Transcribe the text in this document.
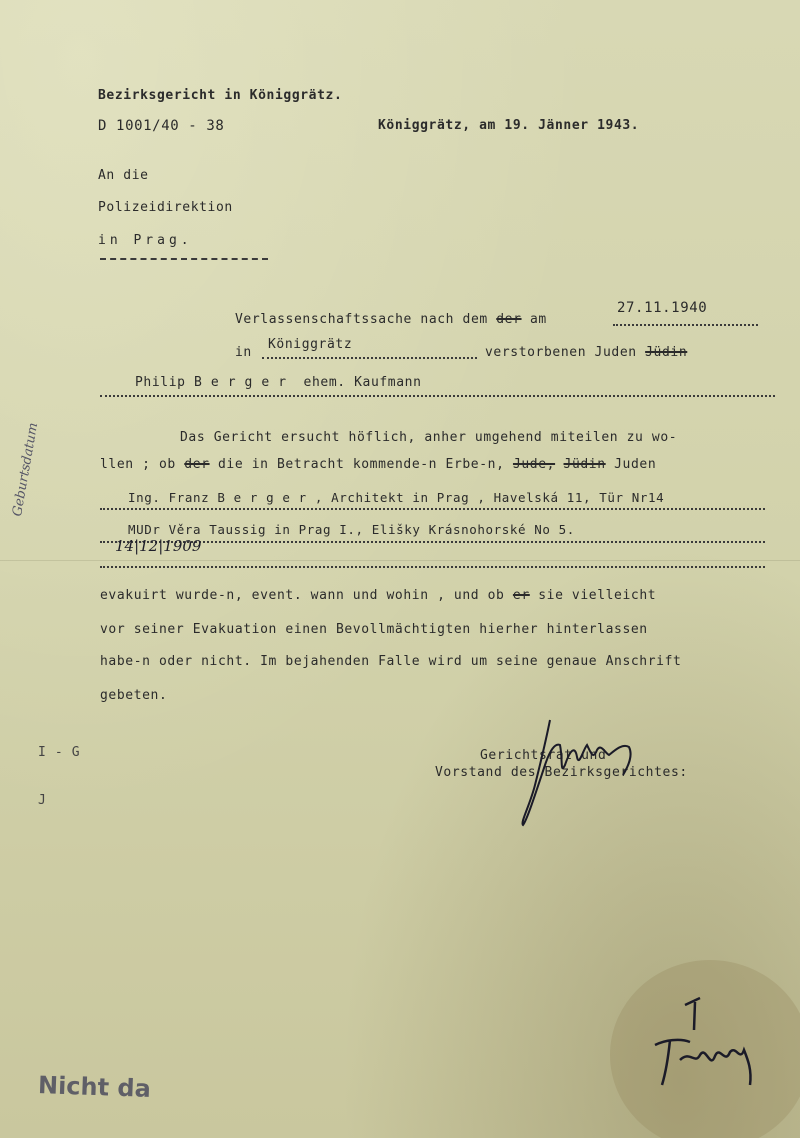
Bezirksgericht in Königgrätz.
D 1001/40 - 38	Königgrätz, am 19. Jänner 1943.
An die
Polizeidirektion
in Prag.
Verlassenschaftssache nach dem der am
27.11.1940
in
Königgrätz
verstorbenen Juden Jüdin
Philip B e r g e r  ehem. Kaufmann
Das Gericht ersucht höflich, anher umgehend miteilen zu wo-
llen ; ob der die in Betracht kommende-n Erbe-n, Jude, Jüdin Juden
Ing. Franz B e r g e r , Architekt in Prag , Havelská 11, Tür Nr14
MUDr Věra Taussig in Prag I., Elišky Krásnohorské No 5.
14|12|1909
evakuirt wurde-n, event. wann und wohin , und ob er sie vielleicht
vor seiner Evakuation einen Bevollmächtigten hierher hinterlassen
habe-n oder nicht. Im bejahenden Falle wird um seine genaue Anschrift
gebeten.
Gerichtsrat und
Vorstand des Bezirksgerichtes:
Geburtsdatum
I - G
J
Nicht da
